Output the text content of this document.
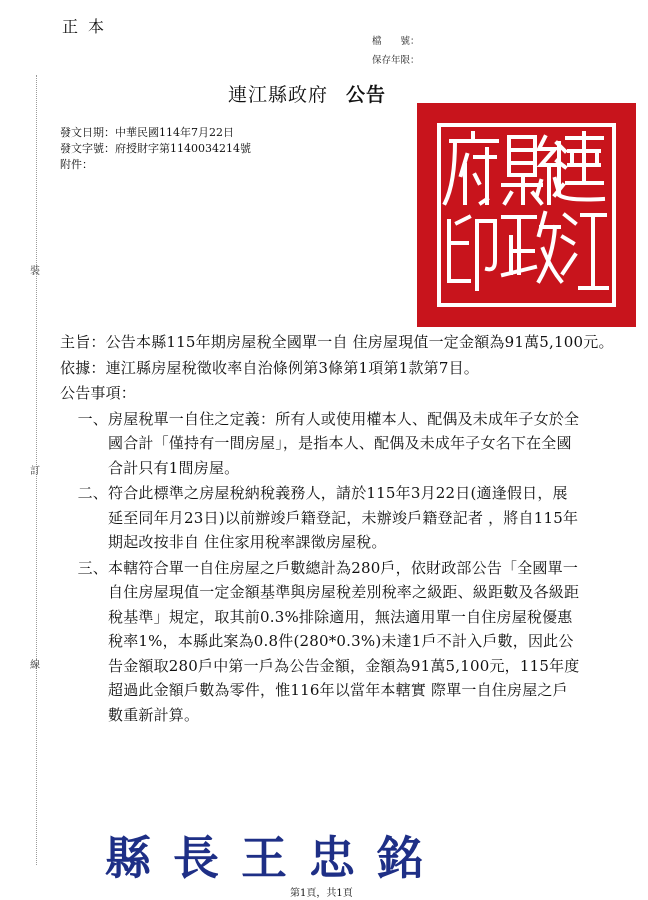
裝
訂
線
正本
檔　　號：
保存年限：
連江縣政府 公告
發文日期：中華民國114年7月22日
發文字號：府授財字第1140034214號
附件：
主旨： 公告本縣115年期房屋稅全國單一自 住房屋現值一定金額為91萬5,100元。
依據： 連江縣房屋稅徵收率自治條例第3條第1項第1款第7目。
公告事項：
一、 房屋稅單一自住之定義：所有人或使用權本人、配偶及未成年子女於全國合計「僅持有一間房屋」，是指本人、配偶及未成年子女名下在全國合計只有1間房屋。
二、 符合此標準之房屋稅納稅義務人，請於115年3月22日(適逢假日，展延至同年月23日)以前辦竣戶籍登記，未辦竣戶籍登記者 ，將自115年期起改按非自 住住家用稅率課徵房屋稅。
三、 本轄符合單一自住房屋之戶數總計為280戶，依財政部公告「全國單一自住房屋現值一定金額基準與房屋稅差別稅率之級距、級距數及各級距稅基準」規定，取其前0.3%排除適用，無法適用單一自住房屋稅優惠稅率1%，本縣此案為0.8件(280*0.3%)未達1戶不計入戶數，因此公告金額取280戶中第一戶為公告金額，金額為91萬5,100元，115年度超過此金額戶數為零件，惟116年以當年本轄實 際單一自住房屋之戶數重新計算。
縣長王忠銘
第1頁，共1頁
